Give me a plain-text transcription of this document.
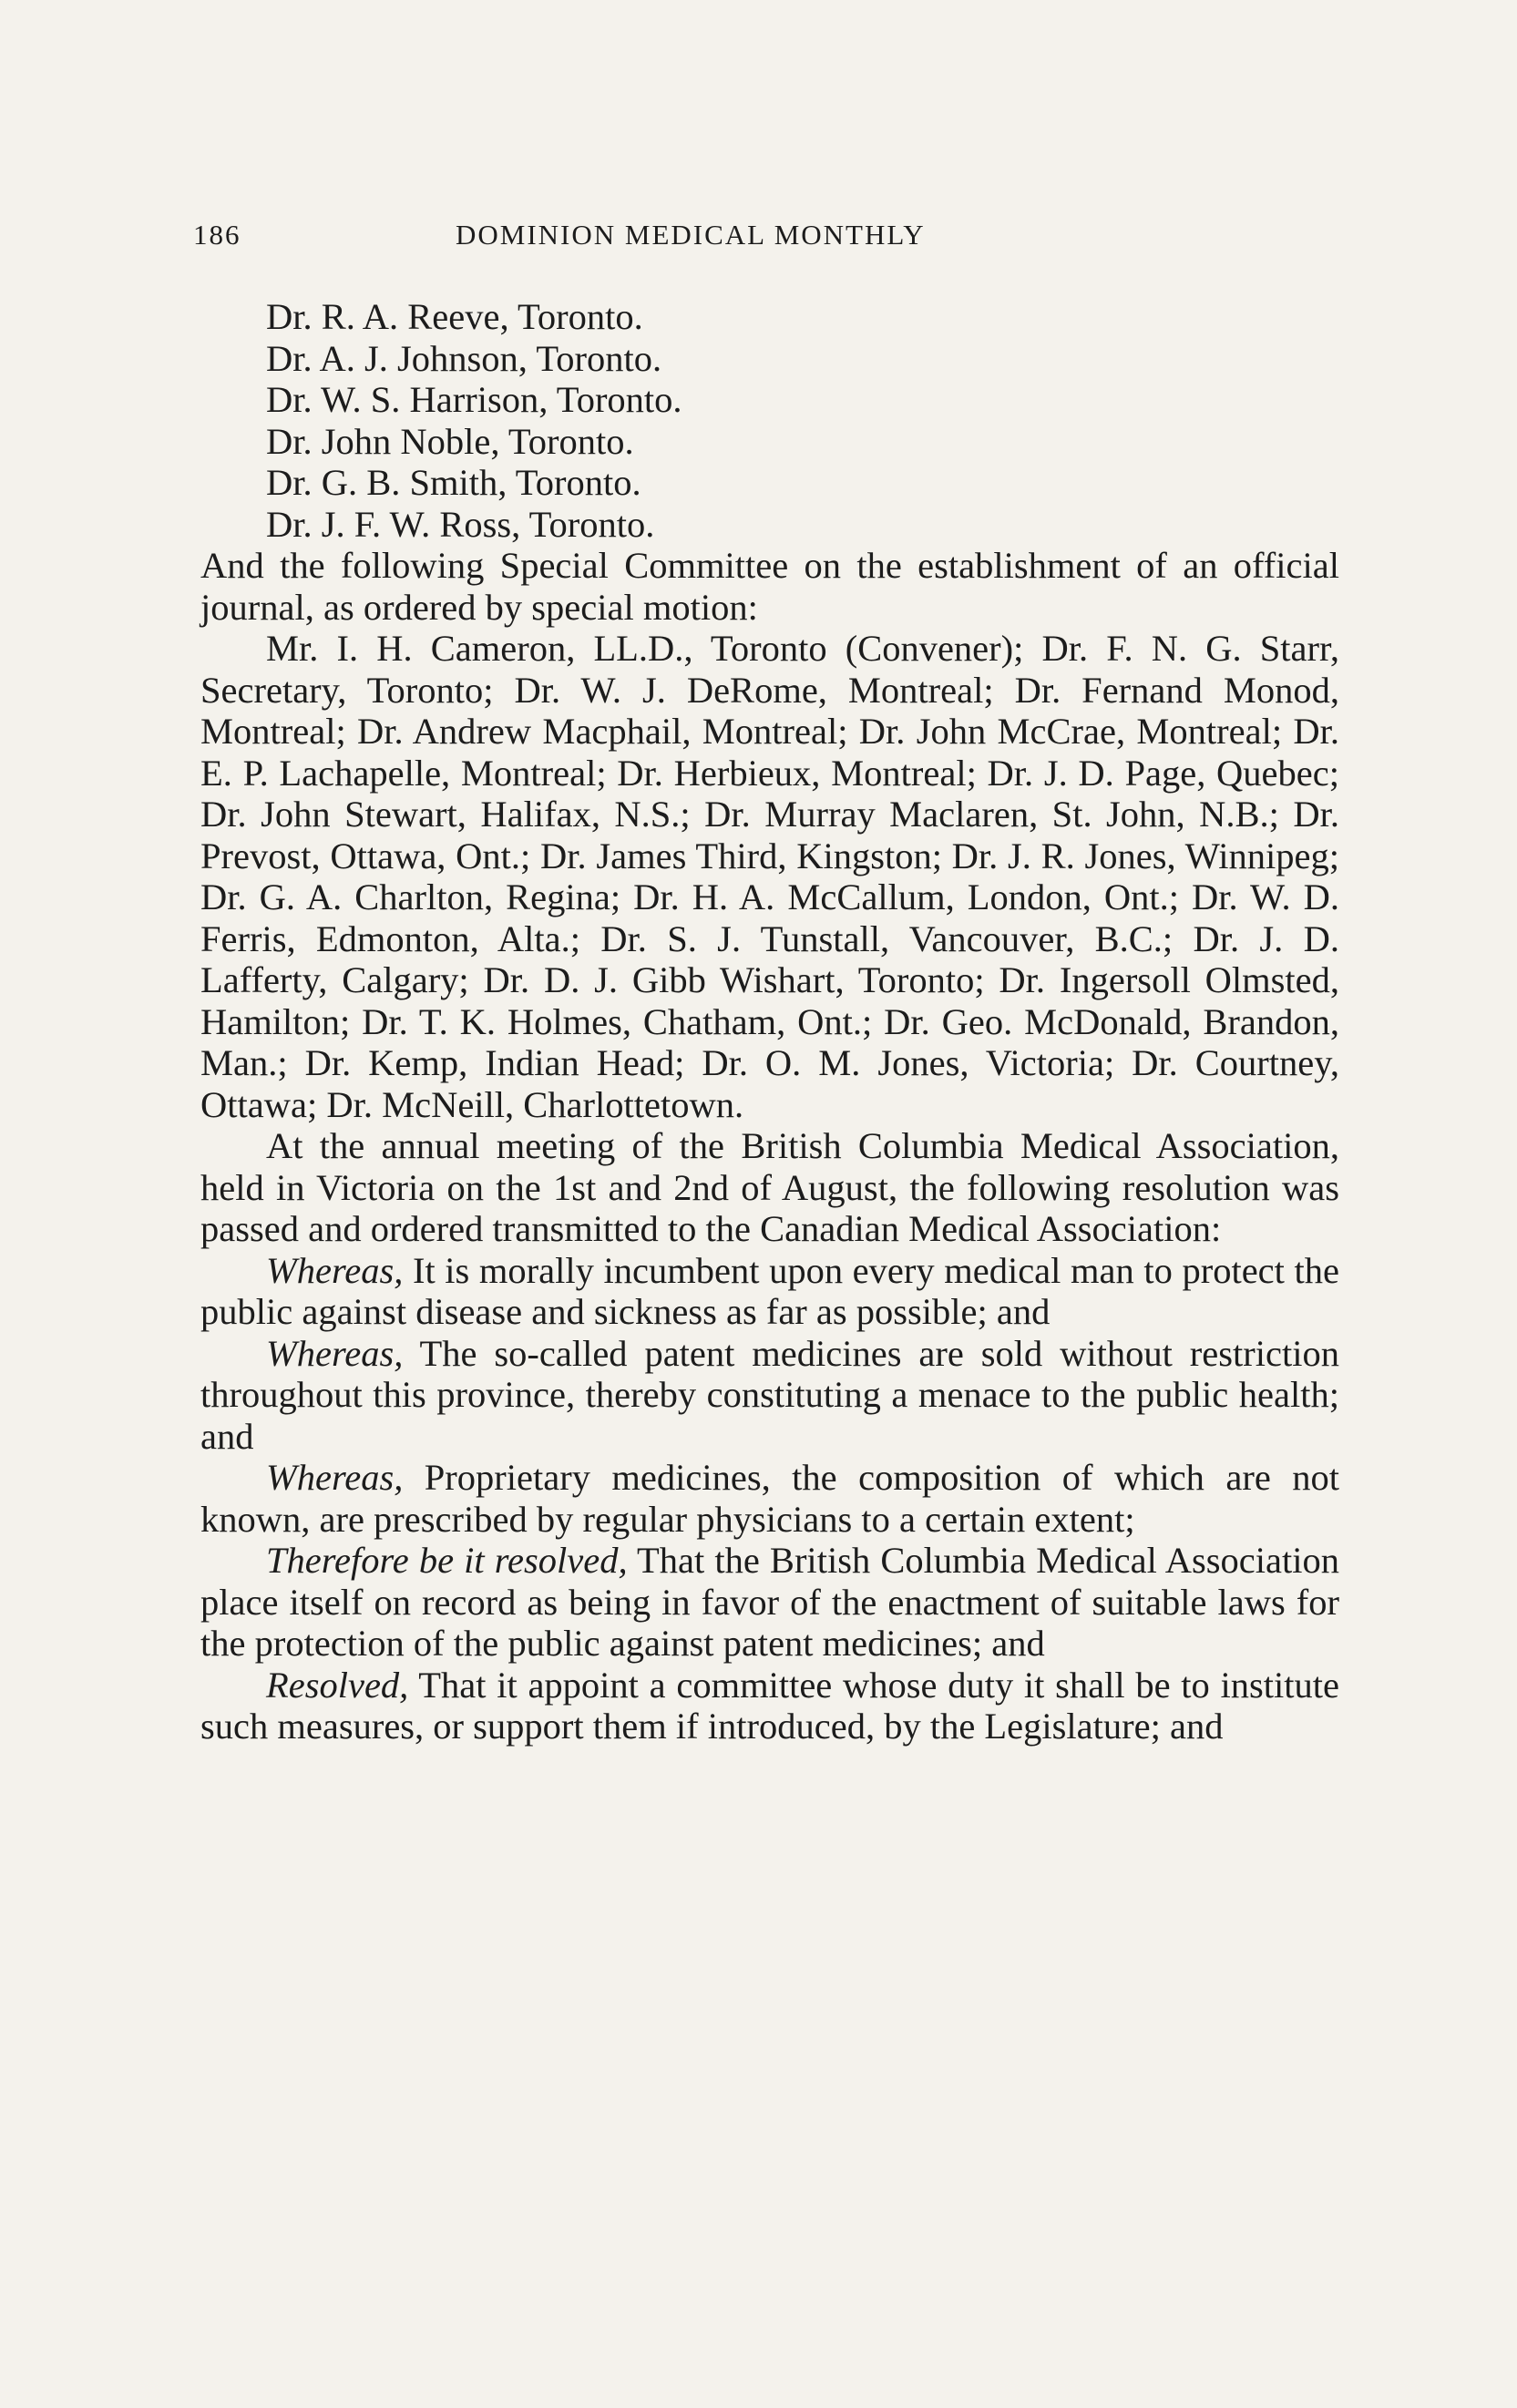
186	DOMINION MEDICAL MONTHLY
Dr. R. A. Reeve, Toronto.
Dr. A. J. Johnson, Toronto.
Dr. W. S. Harrison, Toronto.
Dr. John Noble, Toronto.
Dr. G. B. Smith, Toronto.
Dr. J. F. W. Ross, Toronto.

And the following Special Committee on the establishment of an official journal, as ordered by special motion:

Mr. I. H. Cameron, LL.D., Toronto (Convener); Dr. F. N. G. Starr, Secretary, Toronto; Dr. W. J. DeRome, Montreal; Dr. Fernand Monod, Montreal; Dr. Andrew Macphail, Montreal; Dr. John McCrae, Montreal; Dr. E. P. Lachapelle, Montreal; Dr. Herbieux, Montreal; Dr. J. D. Page, Quebec; Dr. John Stewart, Halifax, N.S.; Dr. Murray Maclaren, St. John, N.B.; Dr. Prevost, Ottawa, Ont.; Dr. James Third, Kingston; Dr. J. R. Jones, Winnipeg; Dr. G. A. Charlton, Regina; Dr. H. A. McCallum, London, Ont.; Dr. W. D. Ferris, Edmonton, Alta.; Dr. S. J. Tunstall, Vancouver, B.C.; Dr. J. D. Lafferty, Calgary; Dr. D. J. Gibb Wishart, Toronto; Dr. Ingersoll Olmsted, Hamilton; Dr. T. K. Holmes, Chatham, Ont.; Dr. Geo. McDonald, Brandon, Man.; Dr. Kemp, Indian Head; Dr. O. M. Jones, Victoria; Dr. Courtney, Ottawa; Dr. McNeill, Charlottetown.

At the annual meeting of the British Columbia Medical Association, held in Victoria on the 1st and 2nd of August, the following resolution was passed and ordered transmitted to the Canadian Medical Association:

Whereas, It is morally incumbent upon every medical man to protect the public against disease and sickness as far as possible; and

Whereas, The so-called patent medicines are sold without restriction throughout this province, thereby constituting a menace to the public health; and

Whereas, Proprietary medicines, the composition of which are not known, are prescribed by regular physicians to a certain extent;

Therefore be it resolved, That the British Columbia Medical Association place itself on record as being in favor of the enactment of suitable laws for the protection of the public against patent medicines; and

Resolved, That it appoint a committee whose duty it shall be to institute such measures, or support them if introduced, by the Legislature; and
